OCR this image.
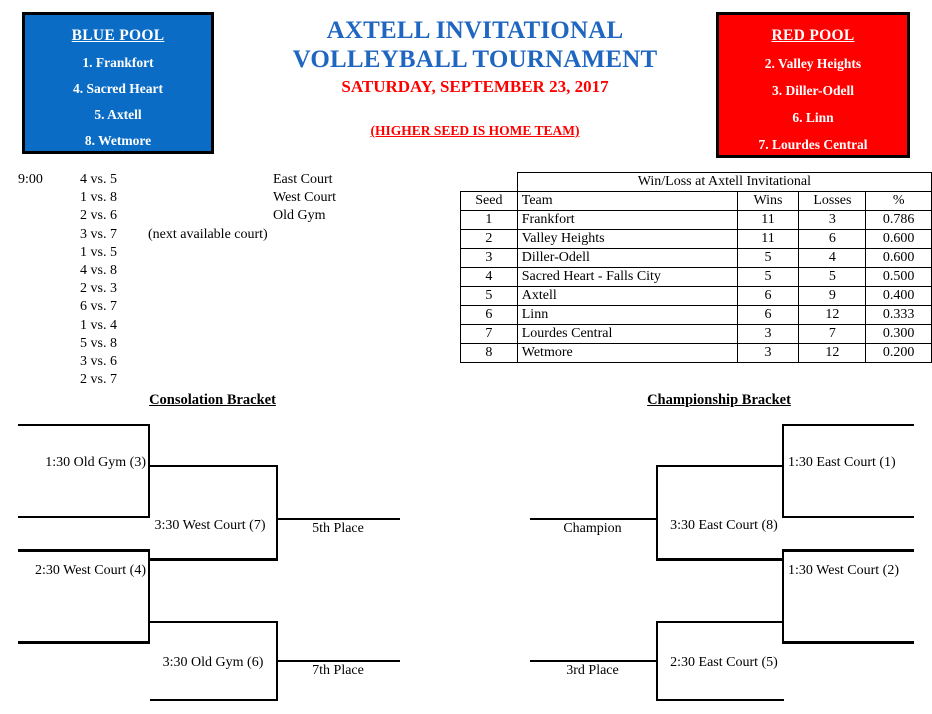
BLUE POOL
1. Frankfort
4. Sacred Heart
5. Axtell
8. Wetmore
RED POOL
2. Valley Heights
3. Diller-Odell
6. Linn
7. Lourdes Central
AXTELL INVITATIONAL
VOLLEYBALL TOURNAMENT
SATURDAY, SEPTEMBER 23, 2017
(HIGHER SEED IS HOME TEAM)
9:00	4 vs. 5	East Court
1 vs. 8	West Court
2 vs. 6	Old Gym
3 vs. 7	(next available court)
1 vs. 5
4 vs. 8
2 vs. 3
6 vs. 7
1 vs. 4
5 vs. 8
3 vs. 6
2 vs. 7
	Win/Loss at Axtell Invitational			
Seed	Team	Wins	Losses	%
1	Frankfort	11	3	0.786
2	Valley Heights	11	6	0.600
3	Diller-Odell	5	4	0.600
4	Sacred Heart - Falls City	5	5	0.500
5	Axtell	6	9	0.400
6	Linn	6	12	0.333
7	Lourdes Central	3	7	0.300
8	Wetmore	3	12	0.200
Consolation Bracket	Championship Bracket
1:30 Old Gym (3)
2:30 West Court (4)
3:30 West Court (7)	5th Place
3:30 Old Gym (6)
7th Place
1:30 East Court (1)
1:30 West Court (2)
3:30 East Court (8)
Champion
2:30 East Court (5)
3rd Place
